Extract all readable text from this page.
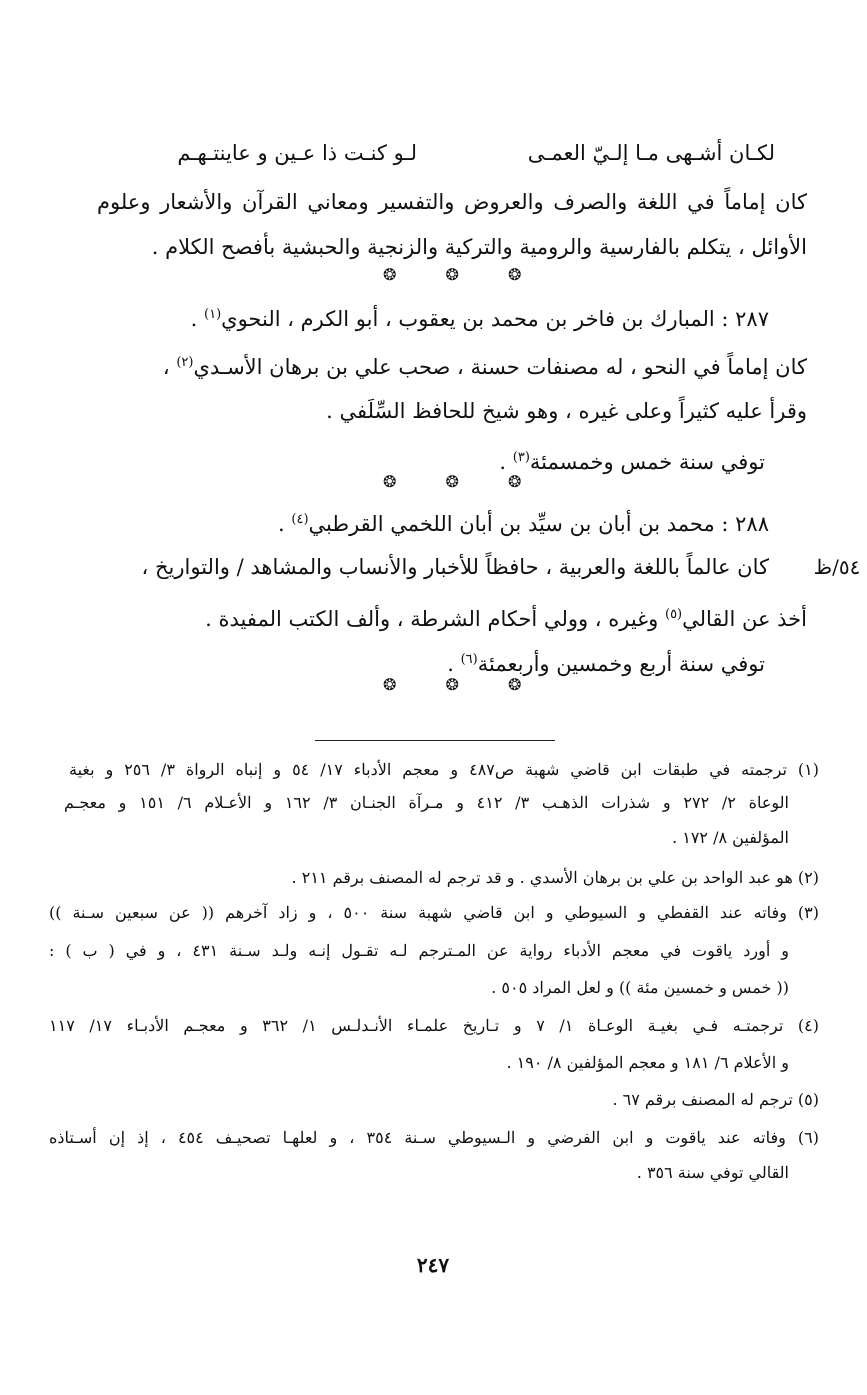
لـو كنـت ذا عـين و عاينتـهـم	لكـان أشـهى مـا إلـيّ العمـى
كان إماماً في اللغة والصرف والعروض والتفسير ومعاني القرآن والأشعار وعلوم
الأوائل ، يتكلم بالفارسية والرومية والتركية والزنجية والحبشية بأفصح الكلام .
❂ ❂ ❂
٢٨٧ : المبارك بن فاخر بن محمد بن يعقوب ، أبو الكرم ، النحوي$^{(١)}$ .
كان إماماً في النحو ، له مصنفات حسنة ، صحب علي بن برهان الأسـدي$^{(٢)}$ ،
وقرأ عليه كثيراً وعلى غيره ، وهو شيخ للحافظ السِّلَفي .
توفي سنة خمس وخمسمئة$^{(٣)}$ .
❂ ❂ ❂
٢٨٨ : محمد بن أبان بن سيِّد بن أبان اللخمي القرطبي$^{(٤)}$ .
٥٤/ظ
كان عالماً باللغة والعربية ، حافظاً للأخبار والأنساب والمشاهد / والتواريخ ،
أخذ عن القالي$^{(٥)}$ وغيره ، وولي أحكام الشرطة ، وألف الكتب المفيدة .
توفي سنة أربع وخمسين وأربعمئة$^{(٦)}$ .
❂ ❂ ❂
(١) ترجمته في طبقات ابن قاضي شهبة ص٤٨٧ و معجم الأدباء ١٧/ ٥٤ و إنباه الرواة ٣/ ٢٥٦ و بغية
الوعاة ٢/ ٢٧٢ و شذرات الذهـب ٣/ ٤١٢ و مـرآة الجنـان ٣/ ١٦٢ و الأعـلام ٦/ ١٥١ و معجـم
المؤلفين ٨/ ١٧٢ .
(٢) هو عبد الواحد بن علي بن برهان الأسدي . و قد ترجم له المصنف برقم ٢١١ .
(٣) وفاته عند القفطي و السيوطي و ابن قاضي شهبة سنة ٥٠٠ ، و زاد آخرهم (( عن سبعين سـنة ))
و أورد ياقوت في معجم الأدباء رواية عن المـترجم لـه تقـول إنـه ولـد سـنة ٤٣١ ، و في ( ب ) :
(( خمس و خمسين مئة )) و لعل المراد ٥٠٥ .
(٤) ترجمتـه فـي بغيـة الوعـاة ١/ ٧ و تـاريخ علمـاء الأنـدلـس ١/ ٣٦٢ و معجـم الأدبـاء ١٧/ ١١٧
و الأعلام ٦/ ١٨١ و معجم المؤلفين ٨/ ١٩٠ .
(٥) ترجم له المصنف برقم ٦٧ .
(٦) وفاته عند ياقوت و ابن الفرضي و الـسيوطي سـنة ٣٥٤ ، و لعلهـا تصحيـف ٤٥٤ ، إذ إن أسـتاذه
القالي توفي سنة ٣٥٦ .
٢٤٧
